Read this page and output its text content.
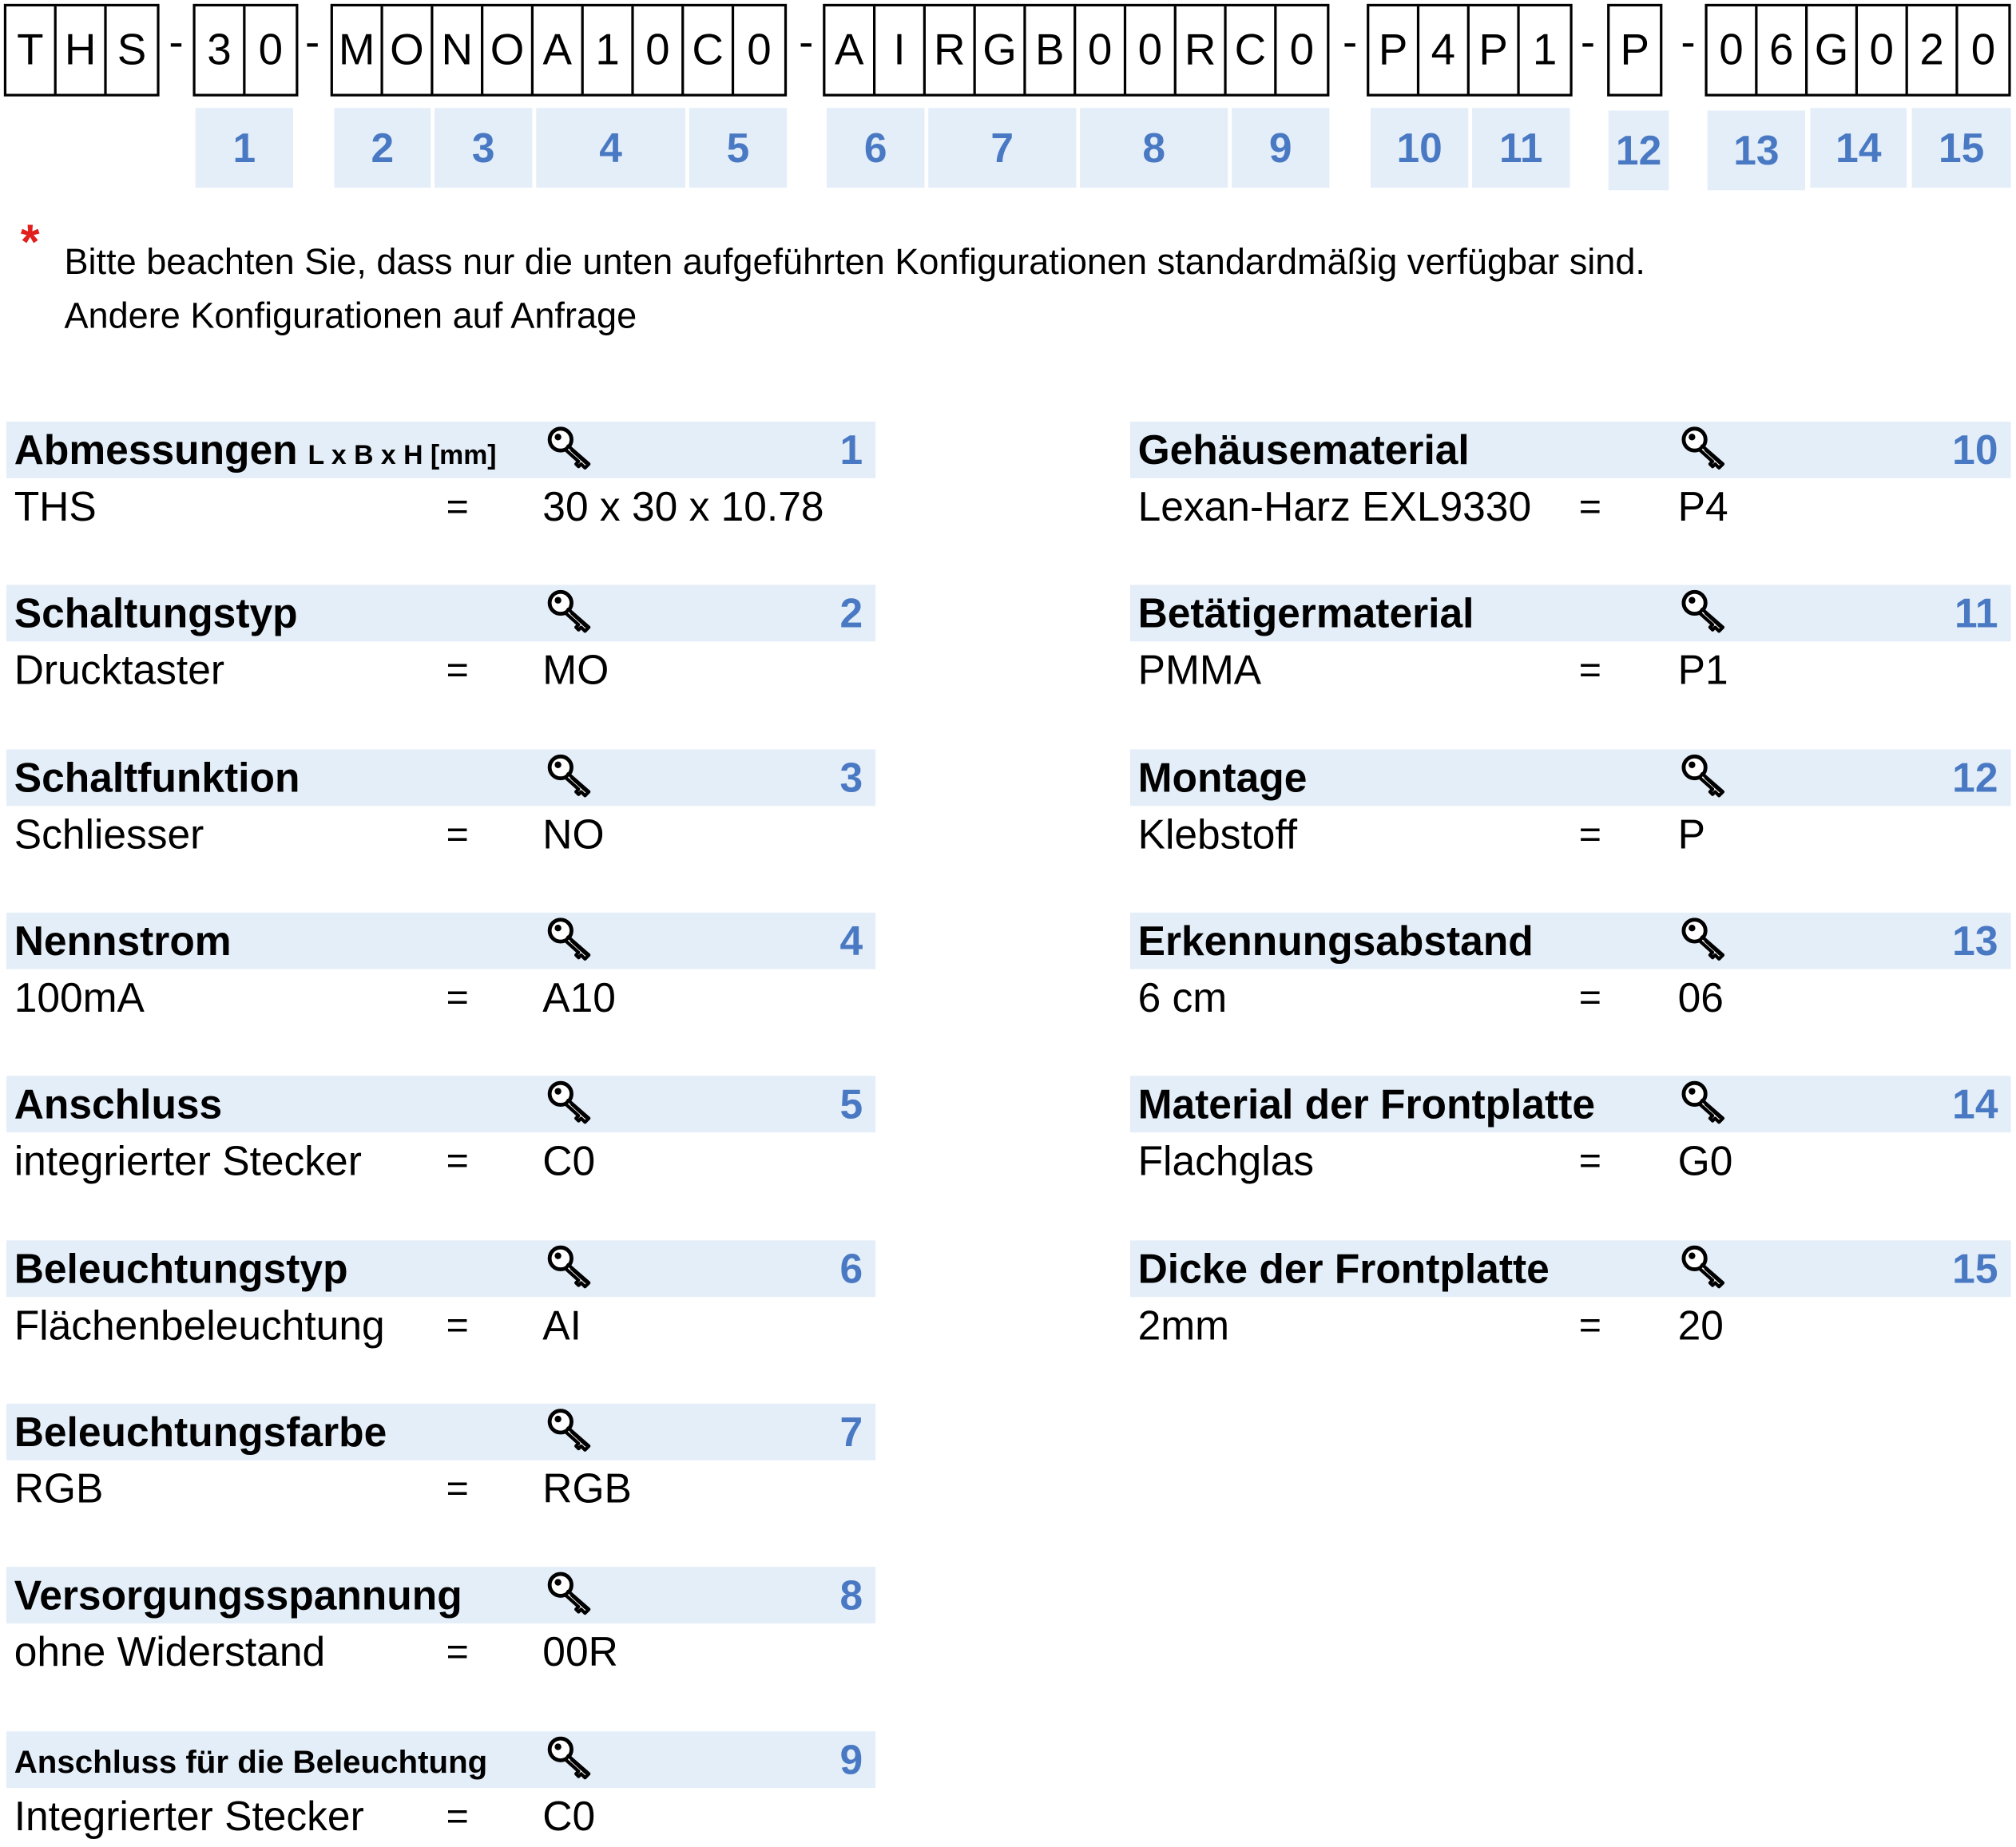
T H S - 3 0 - M O N O A 1 0 C 0	- A	I	R G B 0 0 R C 0	- P 4 P 1 - P	- 0 6 G 0 2 0
1	2	3	4	5	6	7	8	9	10	11	12	13	14	15
* Bitte beachten Sie, dass nur die unten aufgeführten Konfigurationen standardmäßig verfügbar sind.
Andere Konfigurationen auf Anfrage
Abmessungen L x B x H [mm]	1
THS	=	30 x 30 x 10.78
Schaltungstyp	2
Drucktaster	=	MO
Schaltfunktion	3
Schliesser	=	NO
Nennstrom	4
100mA	=	A10
Anschluss	5
integrierter Stecker	=	C0
Beleuchtungstyp	6
Flächenbeleuchtung	=	AI
Beleuchtungsfarbe	7
RGB	=	RGB
Versorgungsspannung	8
ohne Widerstand	=	00R
Anschluss für die Beleuchtung	9
Integrierter Stecker	=	C0
Gehäusematerial	10
Lexan-Harz EXL9330 =	P4
Betätigermaterial	11
PMMA	=	P1
Montage	12
Klebstoff	=	P
Erkennungsabstand	13
6 cm	=	06
Material der Frontplatte	14
Flachglas	=	G0
Dicke der Frontplatte	15
2mm	=	20
